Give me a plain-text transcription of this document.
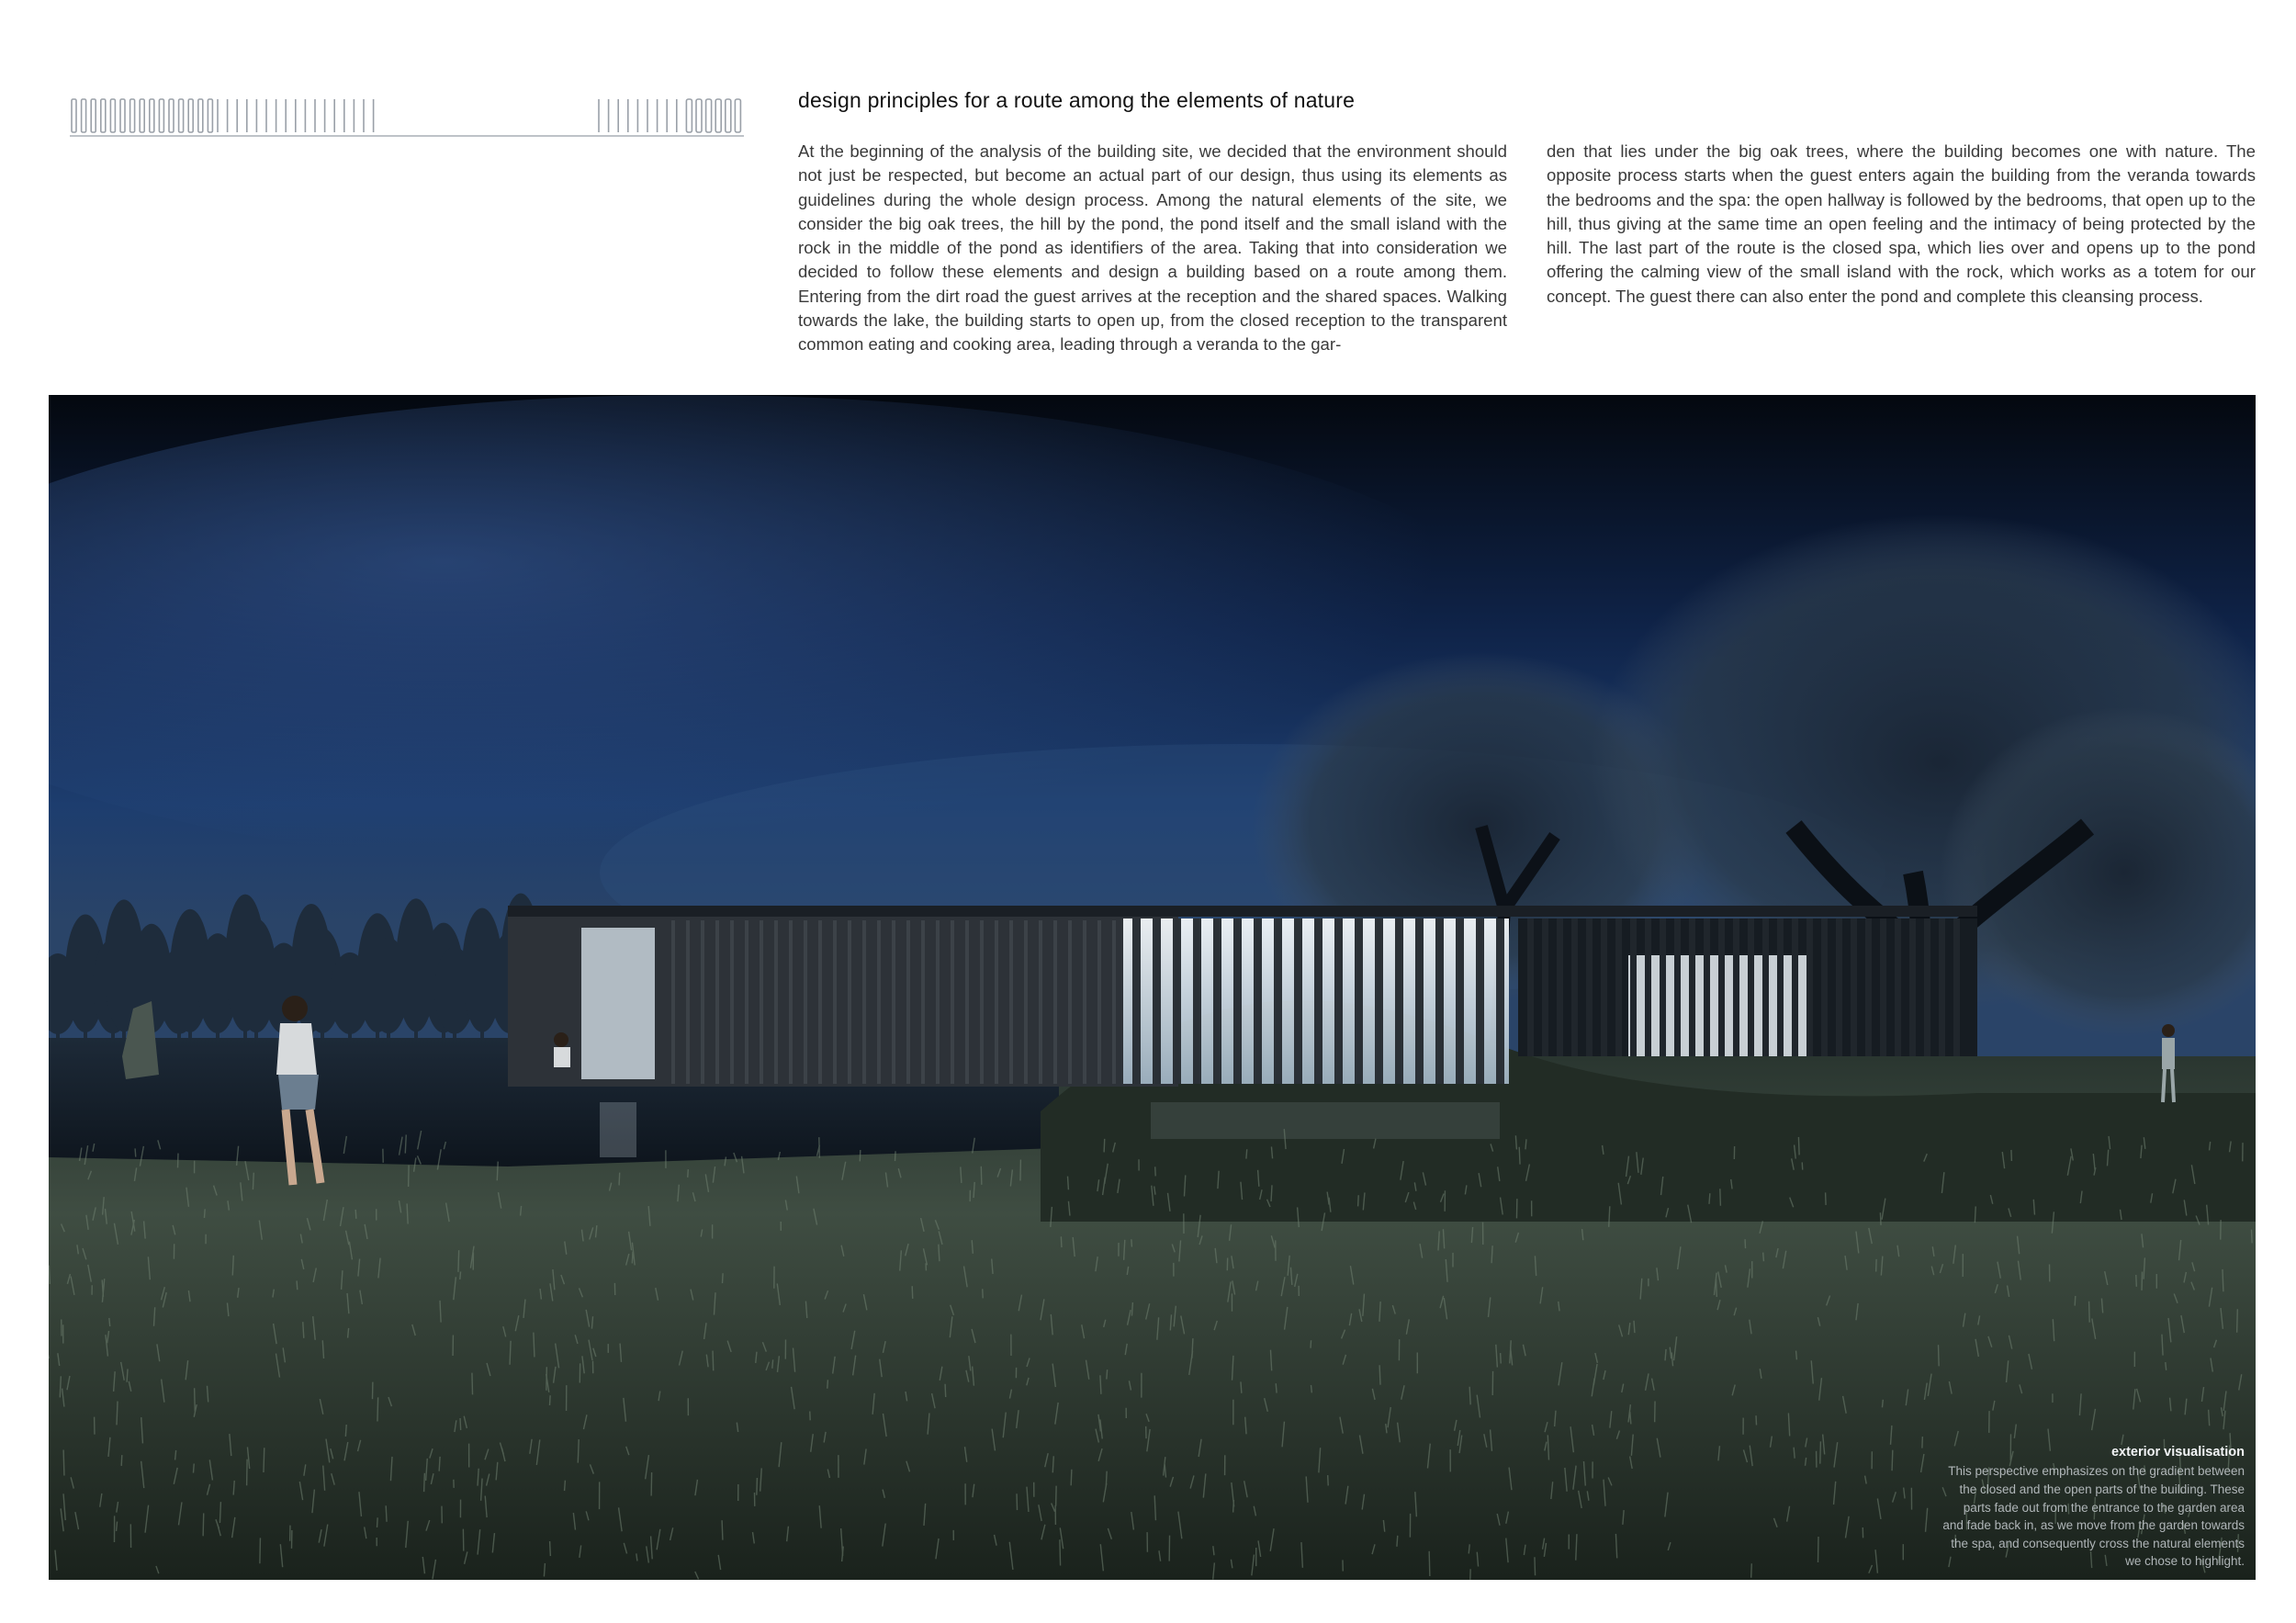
design principles for a route among the elements of nature

At the beginning of the analysis of the building site, we decided that the environment should not just be respected, but become an actual part of our design, thus using its elements as guidelines during the whole design process. Among the natural elements of the site, we consider the big oak trees, the hill by the pond, the pond itself and the small island with the rock in the middle of the pond as identifiers of the area. Taking that into consideration we decided to follow these elements and design a building based on a route among them. Entering from the dirt road the guest arrives at the reception and the shared spaces. Walking towards the lake, the building starts to open up, from the closed reception to the transparent common eating and cooking area, leading through a veranda to the gar-

den that lies under the big oak trees, where the building becomes one with nature. The opposite process starts when the guest enters again the building from the veranda towards the bedrooms and the spa: the open hallway is followed by the bedrooms, that open up to the hill, thus giving at the same time an open feeling and the intimacy of being protected by the hill. The last part of the route is the closed spa, which lies over and opens up to the pond offering the calming view of the small island with the rock, which works as a totem for our concept. The guest there can also enter the pond and complete this cleansing process.

exterior visualisation
This perspective emphasizes on the gradient between the closed and the open parts of the building. These parts fade out from the entrance to the garden area and fade back in, as we move from the garden towards the spa, and consequently cross the natural elements we chose to highlight.
